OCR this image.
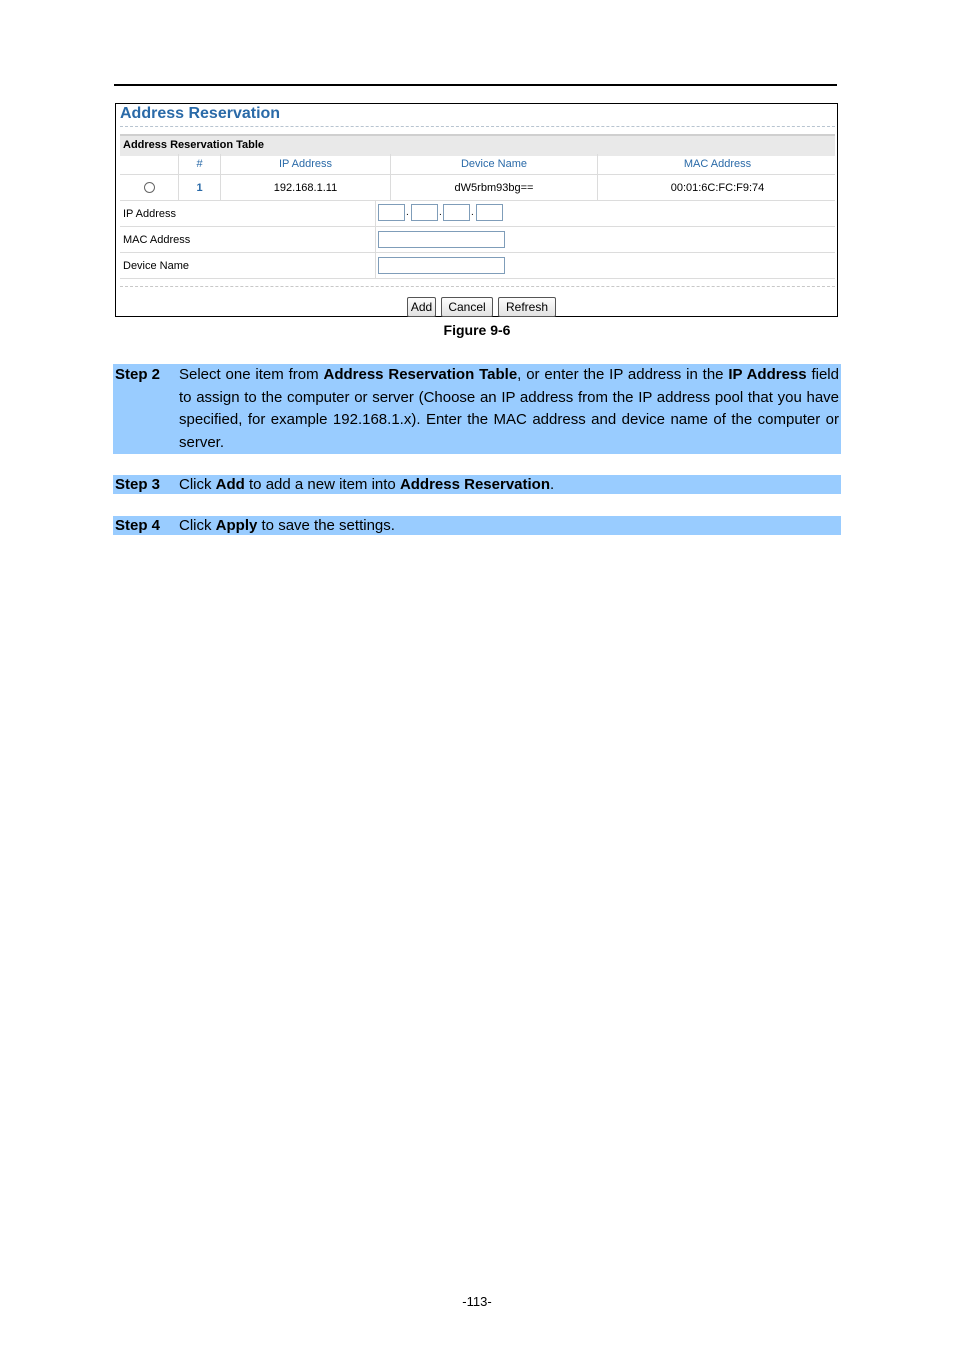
Address Reservation
Address Reservation Table
#	IP Address	Device Name	MAC Address
1	192.168.1.11	dW5rbm93bg==	00:01:6C:FC:F9:74
IP Address	.	.	.
MAC Address
Device Name
Add	Cancel	Refresh
Figure 9-6
Step 2 Select one item from Address Reservation Table, or enter the IP address in the IP Address field to assign to the computer or server (Choose an IP address from the IP address pool that you have specified, for example 192.168.1.x). Enter the MAC address and device name of the computer or server.
Step 3 Click Add to add a new item into Address Reservation.
Step 4 Click Apply to save the settings.
-113-
